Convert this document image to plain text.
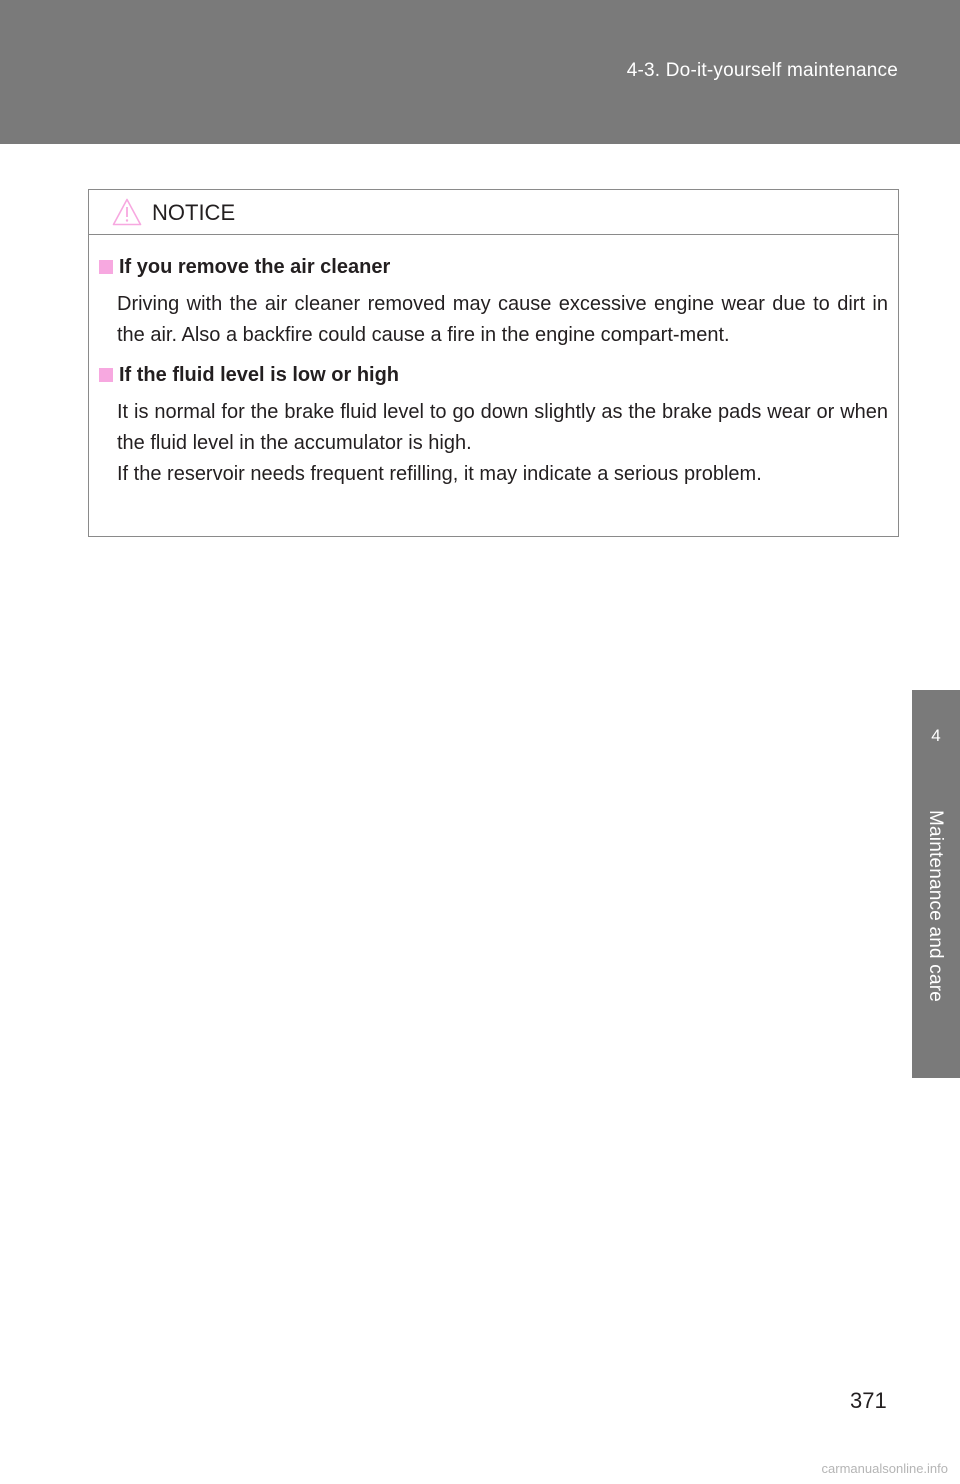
4-3. Do-it-yourself maintenance
4
Maintenance and care
NOTICE
If you remove the air cleaner

Driving with the air cleaner removed may cause excessive engine wear due to dirt in the air. Also a backfire could cause a fire in the engine compart-ment.

If the fluid level is low or high

It is normal for the brake fluid level to go down slightly as the brake pads wear or when the fluid level in the accumulator is high.

If the reservoir needs frequent refilling, it may indicate a serious problem.

371
carmanualsonline.info
